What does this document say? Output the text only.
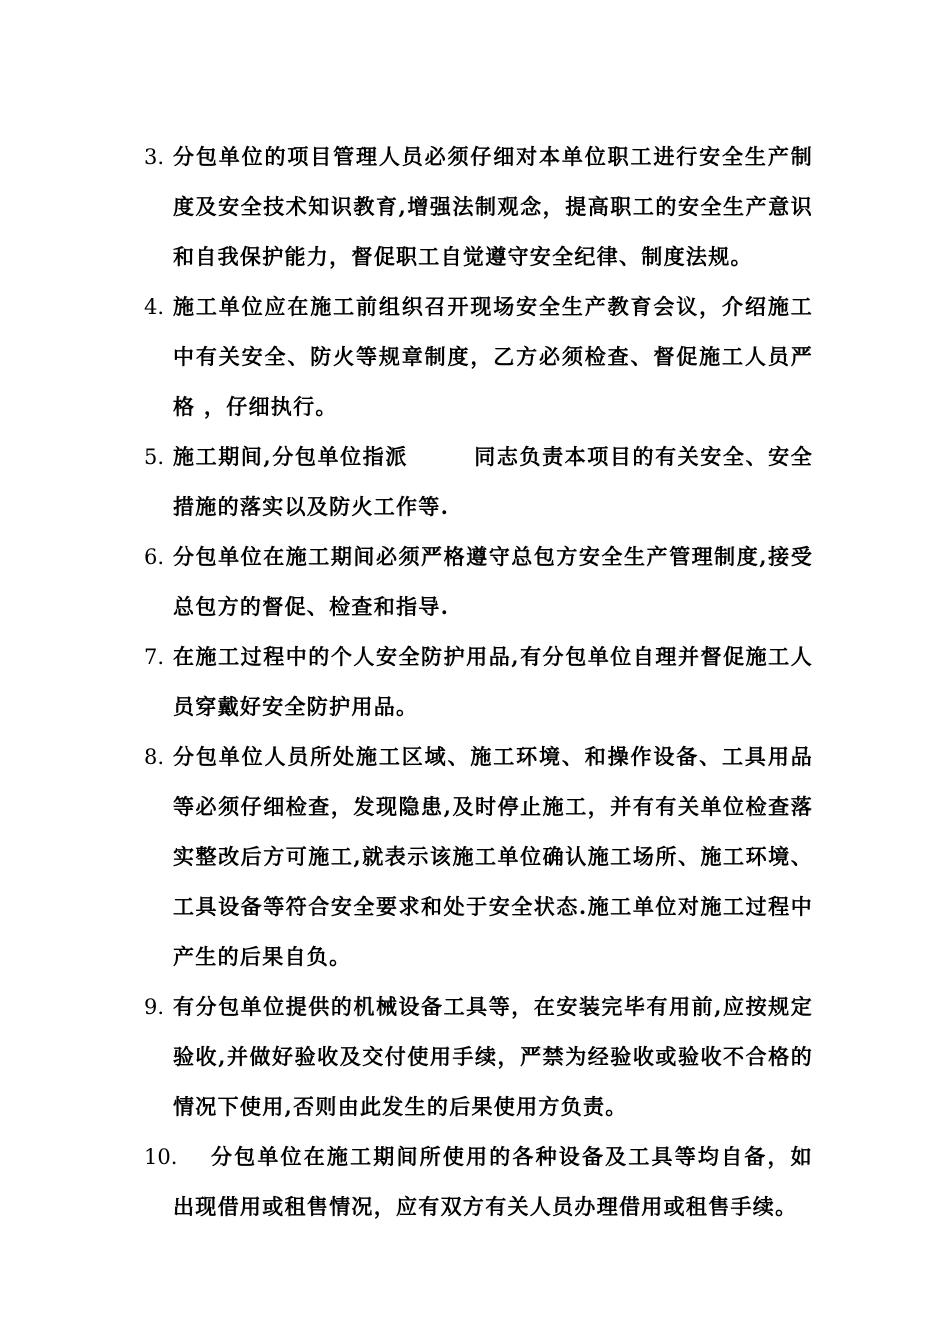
3. 分包单位的项目管理人员必须仔细对本单位职工进行安全生产制度及安全技术知识教育,增强法制观念，提高职工的安全生产意识和自我保护能力，督促职工自觉遵守安全纪律、制度法规。
4. 施工单位应在施工前组织召开现场安全生产教育会议，介绍施工中有关安全、防火等规章制度，乙方必须检查、督促施工人员严格 ，仔细执行。
5. 施工期间,分包单位指派	同志负责本项目的有关安全、安全措施的落实以及防火工作等.
6. 分包单位在施工期间必须严格遵守总包方安全生产管理制度,接受总包方的督促、检查和指导.
7. 在施工过程中的个人安全防护用品,有分包单位自理并督促施工人员穿戴好安全防护用品。
8. 分包单位人员所处施工区域、施工环境、和操作设备、工具用品等必须仔细检查，发现隐患,及时停止施工，并有有关单位检查落实整改后方可施工,就表示该施工单位确认施工场所、施工环境、工具设备等符合安全要求和处于安全状态.施工单位对施工过程中产生的后果自负。
9. 有分包单位提供的机械设备工具等，在安装完毕有用前,应按规定验收,并做好验收及交付使用手续，严禁为经验收或验收不合格的情况下使用,否则由此发生的后果使用方负责。
10.	分包单位在施工期间所使用的各种设备及工具等均自备，如出现借用或租售情况，应有双方有关人员办理借用或租售手续。
